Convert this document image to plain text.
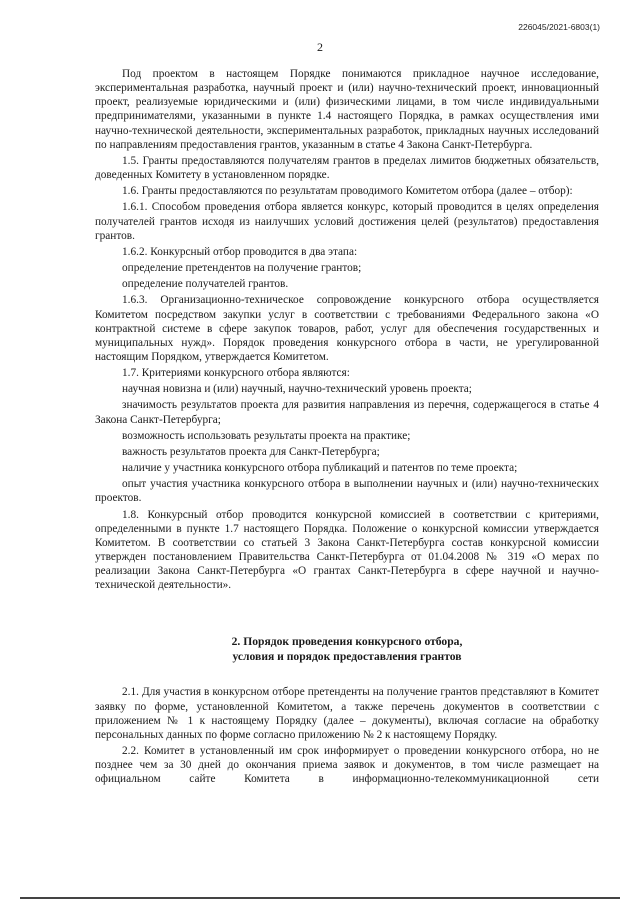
226045/2021-6803(1)
2

Под проектом в настоящем Порядке понимаются прикладное научное исследование, экспериментальная разработка, научный проект и (или) научно-технический проект, инновационный проект, реализуемые юридическими и (или) физическими лицами, в том числе индивидуальными предпринимателями, указанными в пункте 1.4 настоящего Порядка, в рамках осуществления ими научно-технической деятельности, экспериментальных разработок, прикладных научных исследований по направлениям предоставления грантов, указанным в статье 4 Закона Санкт-Петербурга.

1.5. Гранты предоставляются получателям грантов в пределах лимитов бюджетных обязательств, доведенных Комитету в установленном порядке.

1.6. Гранты предоставляются по результатам проводимого Комитетом отбора (далее – отбор):

1.6.1. Способом проведения отбора является конкурс, который проводится в целях определения получателей грантов исходя из наилучших условий достижения целей (результатов) предоставления грантов.

1.6.2. Конкурсный отбор проводится в два этапа:

определение претендентов на получение грантов;

определение получателей грантов.

1.6.3. Организационно-техническое сопровождение конкурсного отбора осуществляется Комитетом посредством закупки услуг в соответствии с требованиями Федерального закона «О контрактной системе в сфере закупок товаров, работ, услуг для обеспечения государственных и муниципальных нужд». Порядок проведения конкурсного отбора в части, не урегулированной настоящим Порядком, утверждается Комитетом.

1.7. Критериями конкурсного отбора являются:

научная новизна и (или) научный, научно-технический уровень проекта;

значимость результатов проекта для развития направления из перечня, содержащегося в статье 4 Закона Санкт-Петербурга;

возможность использовать результаты проекта на практике;

важность результатов проекта для Санкт-Петербурга;

наличие у участника конкурсного отбора публикаций и патентов по теме проекта;

опыт участия участника конкурсного отбора в выполнении научных и (или) научно-технических проектов.

1.8. Конкурсный отбор проводится конкурсной комиссией в соответствии с критериями, определенными в пункте 1.7 настоящего Порядка. Положение о конкурсной комиссии утверждается Комитетом. В соответствии со статьей 3 Закона Санкт-Петербурга состав конкурсной комиссии утвержден постановлением Правительства Санкт-Петербурга от 01.04.2008 № 319 «О мерах по реализации Закона Санкт-Петербурга «О грантах Санкт-Петербурга в сфере научной и научно-технической деятельности».

2. Порядок проведения конкурсного отбора,
условия и порядок предоставления грантов

2.1. Для участия в конкурсном отборе претенденты на получение грантов представляют в Комитет заявку по форме, установленной Комитетом, а также перечень документов в соответствии с приложением № 1 к настоящему Порядку (далее – документы), включая согласие на обработку персональных данных по форме согласно приложению № 2 к настоящему Порядку.

2.2. Комитет в установленный им срок информирует о проведении конкурсного отбора, но не позднее чем за 30 дней до окончания приема заявок и документов, в том числе размещает на официальном сайте Комитета в информационно-телекоммуникационной сети
